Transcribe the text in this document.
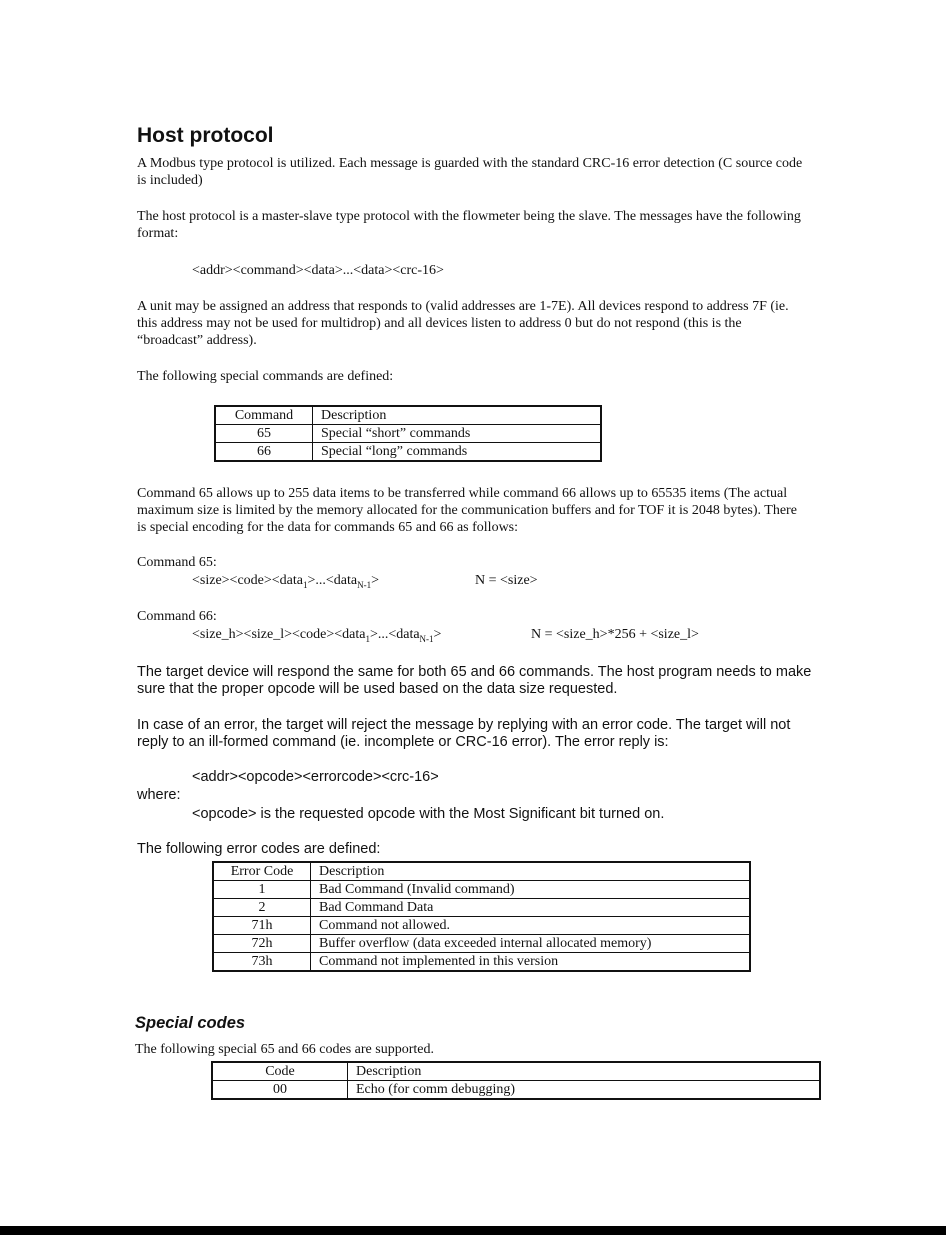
Host protocol
A Modbus type protocol is utilized. Each message is guarded with the standard CRC-16 error detection (C source code is included)
The host protocol is a master-slave type protocol with the flowmeter being the slave. The messages have the following format:
<addr><command><data>...<data><crc-16>
A unit may be assigned an address that responds to (valid addresses are 1-7E). All devices respond to address 7F (ie. this address may not be used for multidrop) and all devices listen to address 0 but do not respond (this is the “broadcast” address).
The following special commands are defined:
Command	Description
65	Special “short” commands
66	Special “long” commands
Command 65 allows up to 255 data items to be transferred while command 66 allows up to 65535 items (The actual maximum size is limited by the memory allocated for the communication buffers and for TOF it is 2048 bytes). There is special encoding for the data for commands 65 and 66 as follows:
Command 65:
<size><code><data$_1$>...<data$_{N-1}$>	N = <size>
Command 66:
<size_h><size_l><code><data$_1$>...<data$_{N-1}$>	N = <size_h>*256 + <size_l>
The target device will respond the same for both 65 and 66 commands. The host program needs to make sure that the proper opcode will be used based on the data size requested.
In case of an error, the target will reject the message by replying with an error code. The target will not reply to an ill-formed command (ie. incomplete or CRC-16 error). The error reply is:
<addr><opcode><errorcode><crc-16>
where:
<opcode> is the requested opcode with the Most Significant bit turned on.
The following error codes are defined:
Error Code	Description
1	Bad Command (Invalid command)
2	Bad Command Data
71h	Command not allowed.
72h	Buffer overflow (data exceeded internal allocated memory)
73h	Command not implemented in this version
Special codes
The following special 65 and 66 codes are supported.
Code	Description
00	Echo (for comm debugging)
